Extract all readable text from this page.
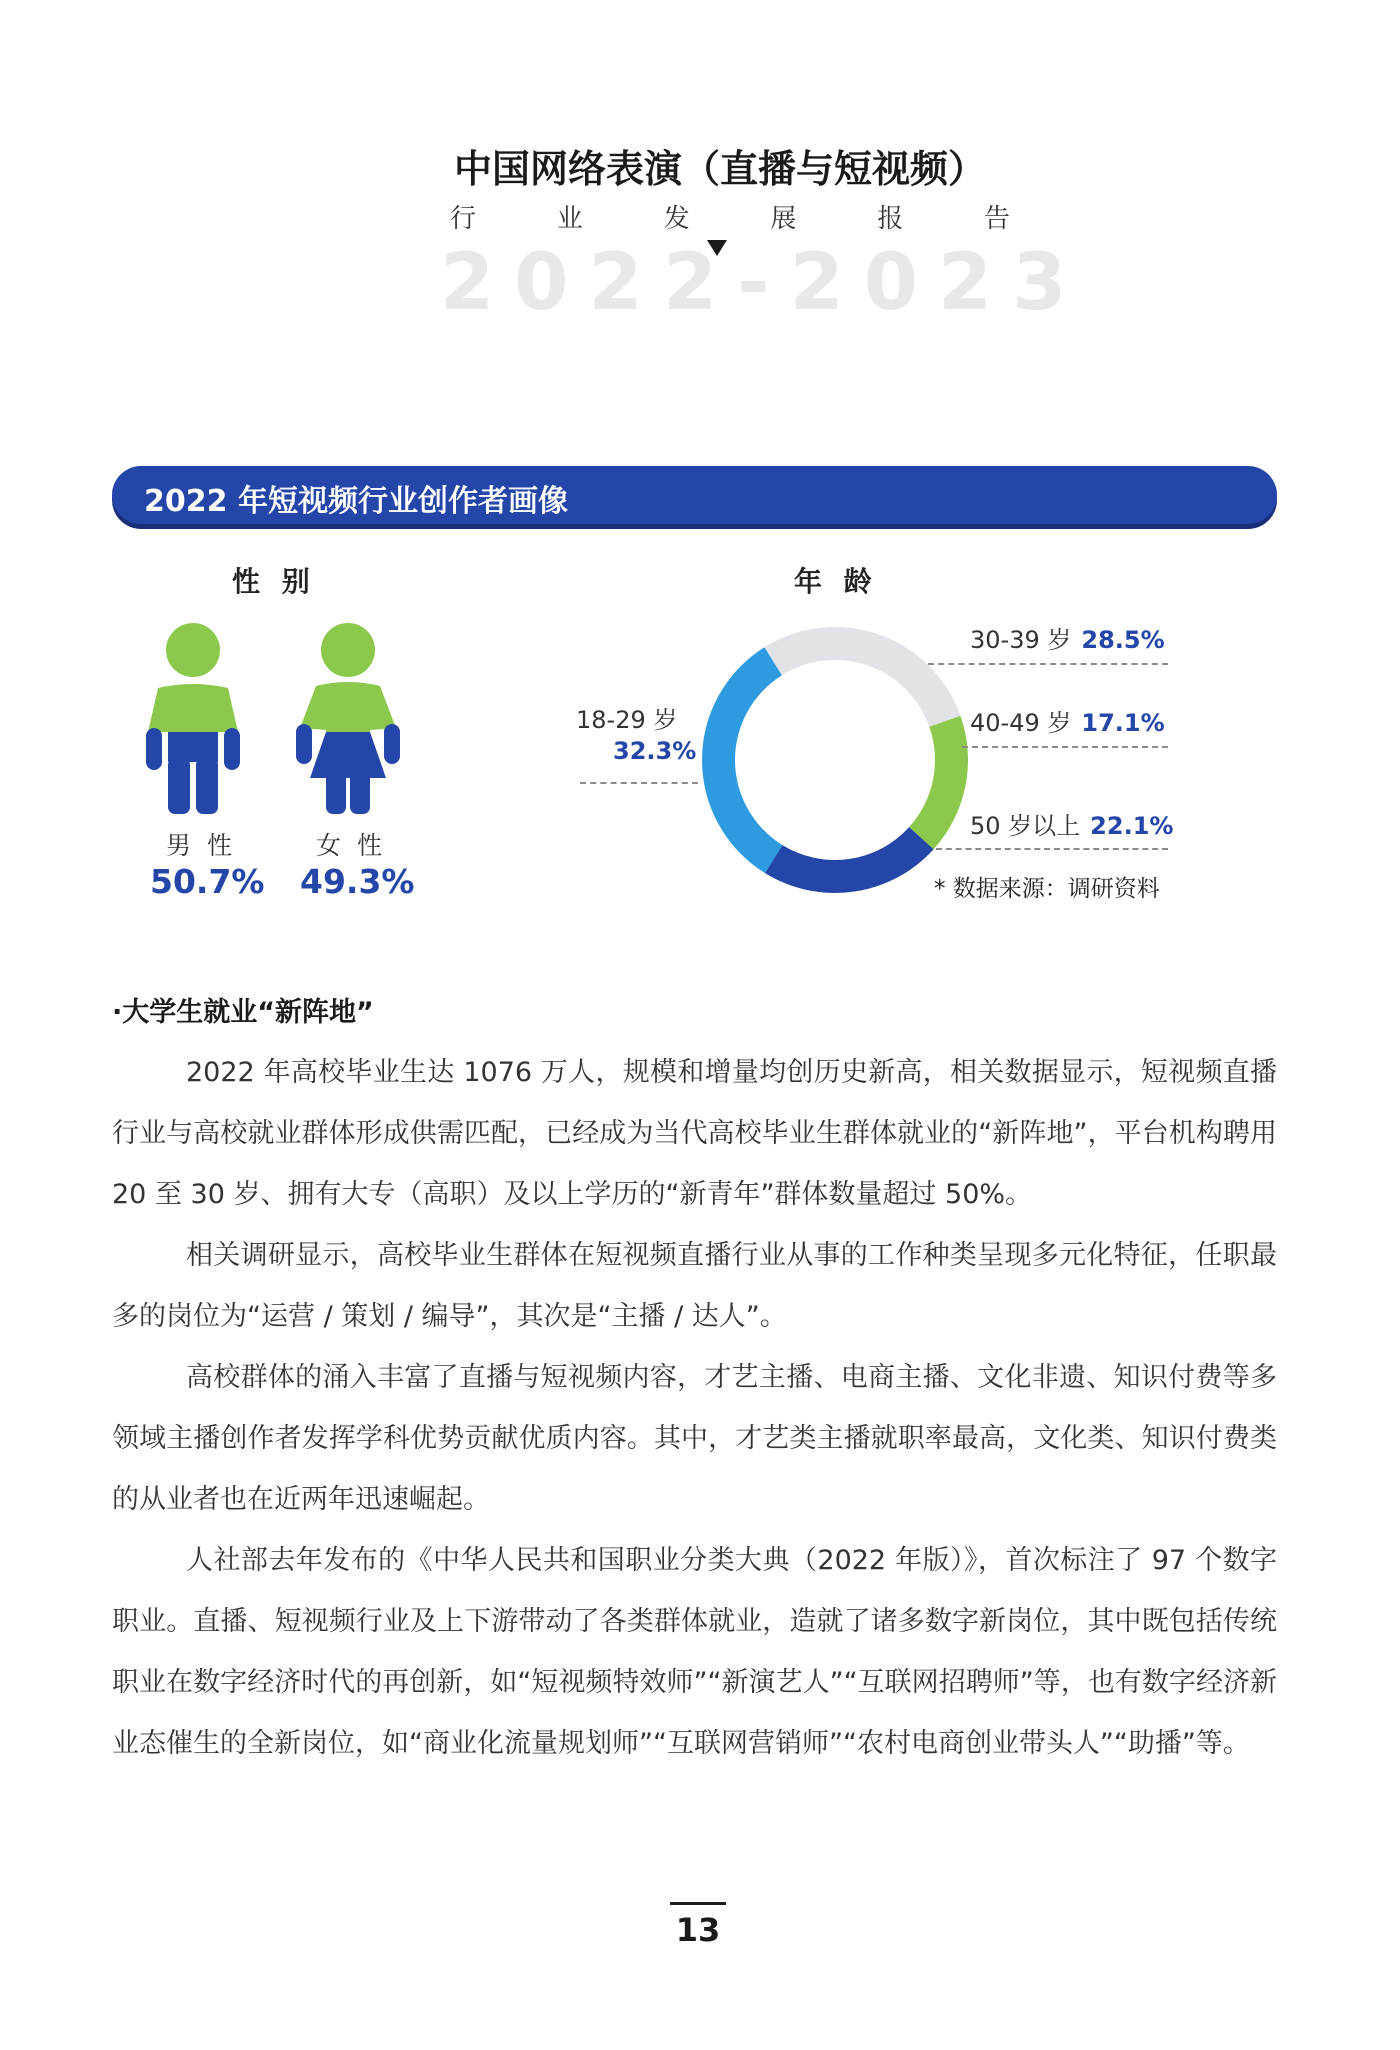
中国网络表演（直播与短视频）
行	业	发	展	报	告
2022-2023
2022 年短视频行业创作者画像
性 别
男 性
50.7%
女 性
49.3%
年 龄
18-29 岁
32.3%
30-39 岁 28.5%
40-49 岁 17.1%
50 岁以上 22.1%
* 数据来源：调研资料
·大学生就业“新阵地”

2022 年高校毕业生达 1076 万人，规模和增量均创历史新高，相关数据显示，短视频直播行业与高校就业群体形成供需匹配，已经成为当代高校毕业生群体就业的“新阵地”，平台机构聘用 20 至 30 岁、拥有大专（高职）及以上学历的“新青年”群体数量超过 50%。

相关调研显示，高校毕业生群体在短视频直播行业从事的工作种类呈现多元化特征，任职最多的岗位为“运营 / 策划 / 编导”，其次是“主播 / 达人”。

高校群体的涌入丰富了直播与短视频内容，才艺主播、电商主播、文化非遗、知识付费等多领域主播创作者发挥学科优势贡献优质内容。其中，才艺类主播就职率最高，文化类、知识付费类的从业者也在近两年迅速崛起。

人社部去年发布的《中华人民共和国职业分类大典（2022 年版）》，首次标注了 97 个数字职业。直播、短视频行业及上下游带动了各类群体就业，造就了诸多数字新岗位，其中既包括传统职业在数字经济时代的再创新，如“短视频特效师”“新演艺人”“互联网招聘师”等，也有数字经济新业态催生的全新岗位，如“商业化流量规划师”“互联网营销师”“农村电商创业带头人”“助播”等。

13
